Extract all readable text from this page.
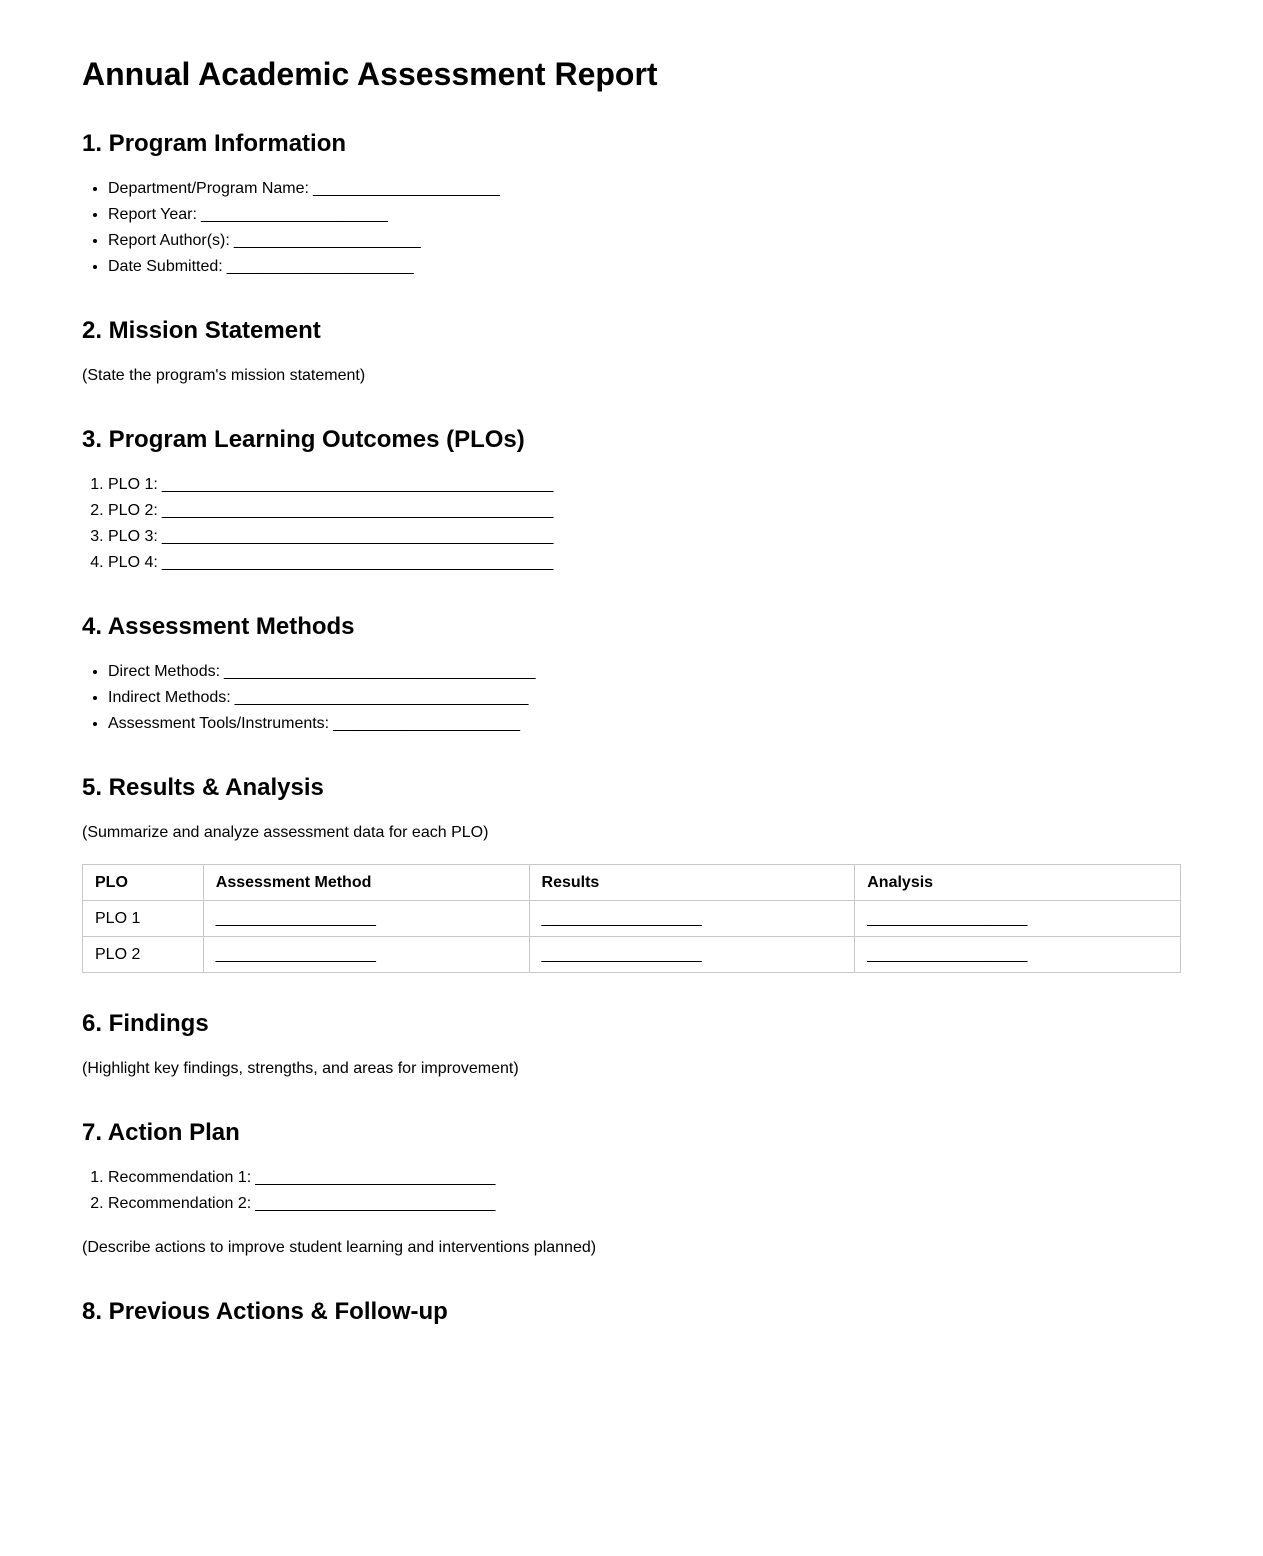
Annual Academic Assessment Report
1. Program Information
• Department/Program Name: _____________________
• Report Year: _____________________
• Report Author(s): _____________________
• Date Submitted: _____________________
2. Mission Statement

(State the program's mission statement)

3. Program Learning Outcomes (PLOs)
1. PLO 1: ____________________________________________
2. PLO 2: ____________________________________________
3. PLO 3: ____________________________________________
4. PLO 4: ____________________________________________
4. Assessment Methods
• Direct Methods: ___________________________________
• Indirect Methods: _________________________________
• Assessment Tools/Instruments: _____________________
5. Results & Analysis

(Summarize and analyze assessment data for each PLO)

PLO	Assessment Method	Results	Analysis
PLO 1	__________________	__________________	__________________
PLO 2	__________________	__________________	__________________
6. Findings

(Highlight key findings, strengths, and areas for improvement)

7. Action Plan
1. Recommendation 1: ___________________________
2. Recommendation 2: ___________________________

(Describe actions to improve student learning and interventions planned)

8. Previous Actions & Follow-up
